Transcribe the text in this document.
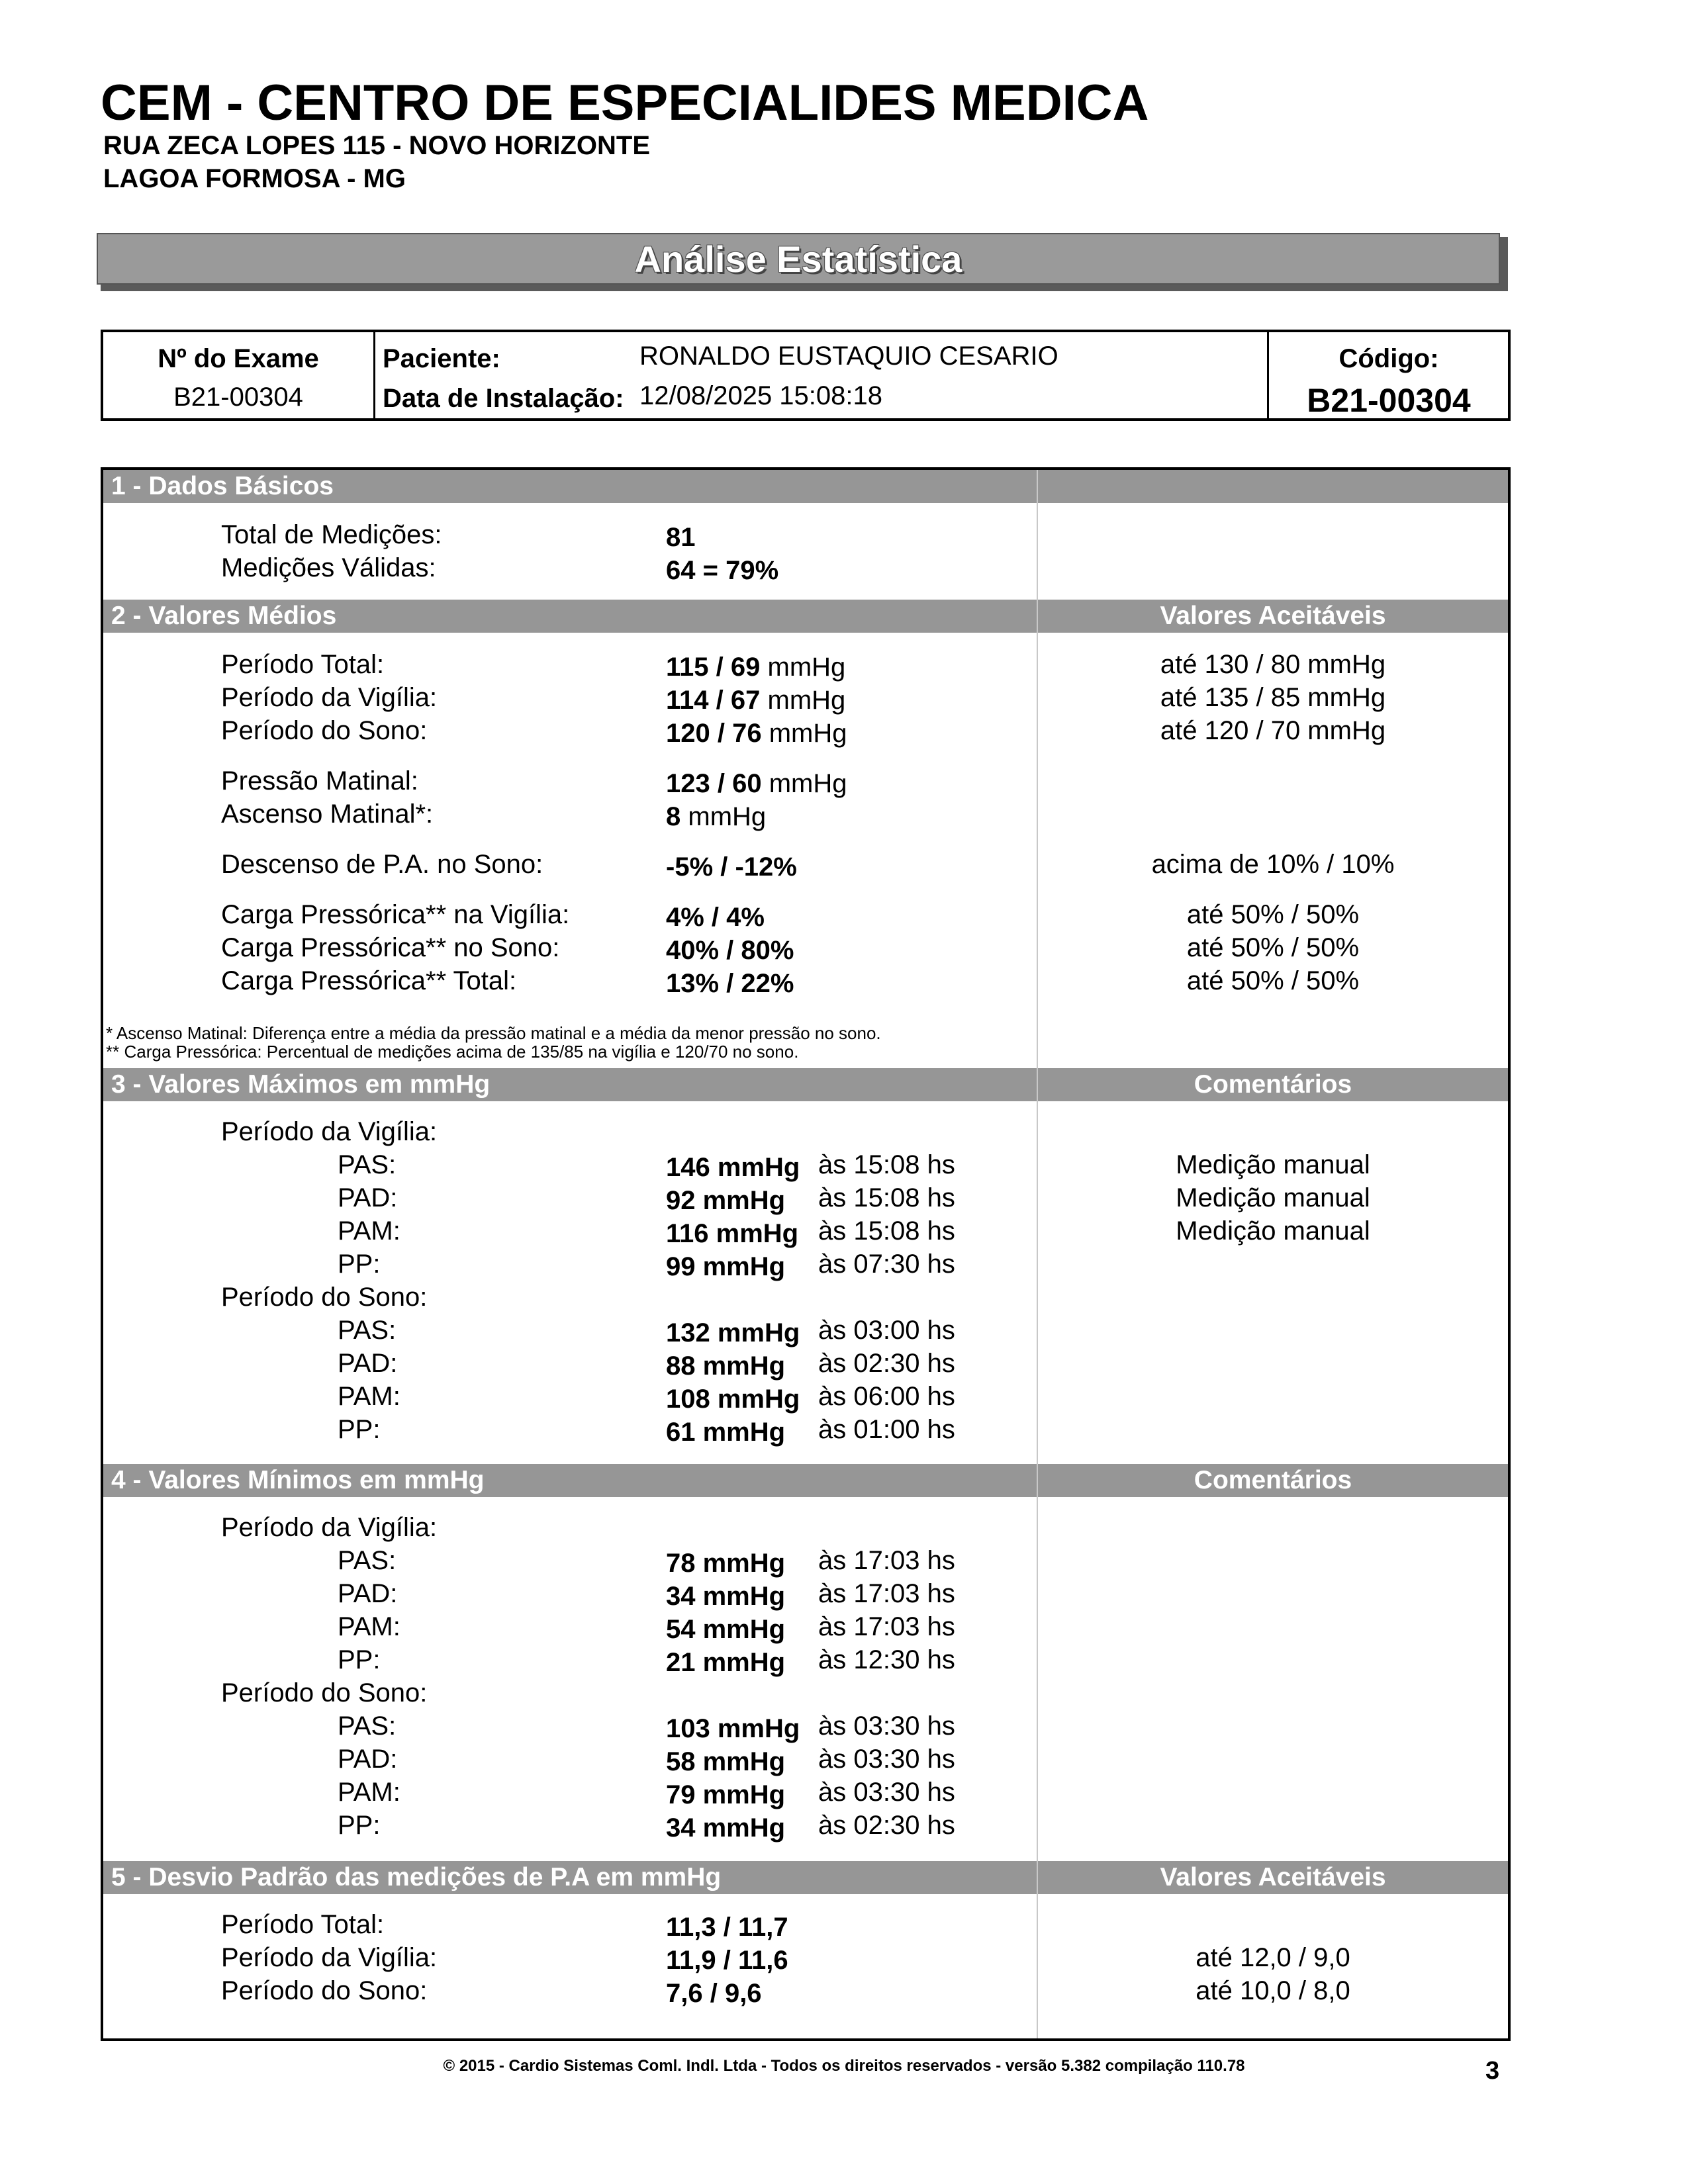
CEM - CENTRO DE ESPECIALIDES MEDICA
RUA ZECA LOPES 115 - NOVO HORIZONTE
LAGOA FORMOSA - MG
Análise Estatística
Nº do Exame
B21-00304
Paciente:	RONALDO EUSTAQUIO CESARIO
Data de Instalação: 12/08/2025 15:08:18
Código:
B21-00304
1 - Dados Básicos
Total de Medições:	81
Medições Válidas:	64 = 79%
2 - Valores Médios	Valores Aceitáveis
Período Total:	115 / 69 mmHg	até 130 / 80 mmHg
Período da Vigília:	114 / 67 mmHg	até 135 / 85 mmHg
Período do Sono:	120 / 76 mmHg	até 120 / 70 mmHg
Pressão Matinal:	123 / 60 mmHg
Ascenso Matinal*:	8 mmHg
Descenso de P.A. no Sono:	-5% / -12%	acima de 10% / 10%
Carga Pressórica** na Vigília:	4% / 4%	até 50% / 50%
Carga Pressórica** no Sono:	40% / 80%	até 50% / 50%
Carga Pressórica** Total:	13% / 22%	até 50% / 50%
* Ascenso Matinal: Diferença entre a média da pressão matinal e a média da menor pressão no sono.
** Carga Pressórica: Percentual de medições acima de 135/85 na vigília e 120/70 no sono.
3 - Valores Máximos em mmHg	Comentários
Período da Vigília:
PAS:	146 mmHg às 15:08 hs	Medição manual
PAD:	92 mmHg às 15:08 hs	Medição manual
PAM:	116 mmHg às 15:08 hs	Medição manual
PP:	99 mmHg às 07:30 hs
Período do Sono:
PAS:	132 mmHg às 03:00 hs
PAD:	88 mmHg às 02:30 hs
PAM:	108 mmHg às 06:00 hs
PP:	61 mmHg às 01:00 hs
4 - Valores Mínimos em mmHg	Comentários
Período da Vigília:
PAS:	78 mmHg às 17:03 hs
PAD:	34 mmHg às 17:03 hs
PAM:	54 mmHg às 17:03 hs
PP:	21 mmHg às 12:30 hs
Período do Sono:
PAS:	103 mmHg às 03:30 hs
PAD:	58 mmHg às 03:30 hs
PAM:	79 mmHg às 03:30 hs
PP:	34 mmHg às 02:30 hs
5 - Desvio Padrão das medições de P.A em mmHg	Valores Aceitáveis
Período Total:	11,3 / 11,7
Período da Vigília:	11,9 / 11,6	até 12,0 / 9,0
Período do Sono:	7,6 / 9,6	até 10,0 / 8,0
© 2015 - Cardio Sistemas Coml. Indl. Ltda - Todos os direitos reservados - versão 5.382 compilação 110.78	3
